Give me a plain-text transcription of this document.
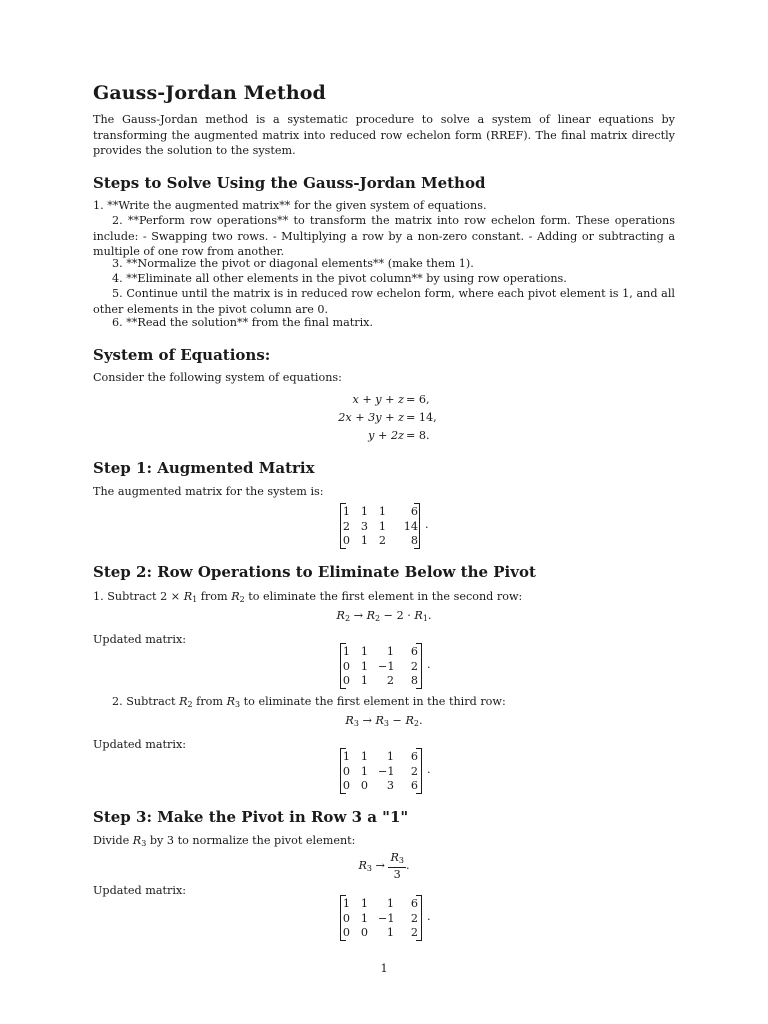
Gauss-Jordan Method
The Gauss-Jordan method is a systematic procedure to solve a system of linear equations by transforming the augmented matrix into reduced row echelon form (RREF). The final matrix directly provides the solution to the system.
Steps to Solve Using the Gauss-Jordan Method
1. **Write the augmented matrix** for the given system of equations.
2. **Perform row operations** to transform the matrix into row echelon form. These operations include: - Swapping two rows. - Multiplying a row by a non-zero constant. - Adding or subtracting a multiple of one row from another.
3. **Normalize the pivot or diagonal elements** (make them 1).
4. **Eliminate all other elements in the pivot column** by using row operations.
5. Continue until the matrix is in reduced row echelon form, where each pivot element is 1, and all other elements in the pivot column are 0.
6. **Read the solution** from the final matrix.
System of Equations:
Consider the following system of equations:
x + y + z = 6,
2x + 3y + z = 14,
y + 2z = 8.
Step 1: Augmented Matrix
The augmented matrix for the system is:
1 1 1	6
2 3 1 14
0 1 2	8
.
Step 2: Row Operations to Eliminate Below the Pivot
1. Subtract $2 \times R_1$ from $R_2$ to eliminate the first element in the second row:
$R_2 \to R_2 - 2 \cdot R_1$.
Updated matrix:
1 1	1	6
0 1 −1	2
0 1	2	8
.
2. Subtract $R_2$ from $R_3$ to eliminate the first element in the third row:
$R_3 \to R_3 - R_2$.
Updated matrix:
1 1	1	6
0 1 −1	2
0 0	3	6
.
Step 3: Make the Pivot in Row 3 a "1"
Divide $R_3$ by 3 to normalize the pivot element:
$R_3 \to \frac{R_3}{3}$ .
Updated matrix:
1 1	1	6
0 1 −1	2
0 0	1	2
.
1
